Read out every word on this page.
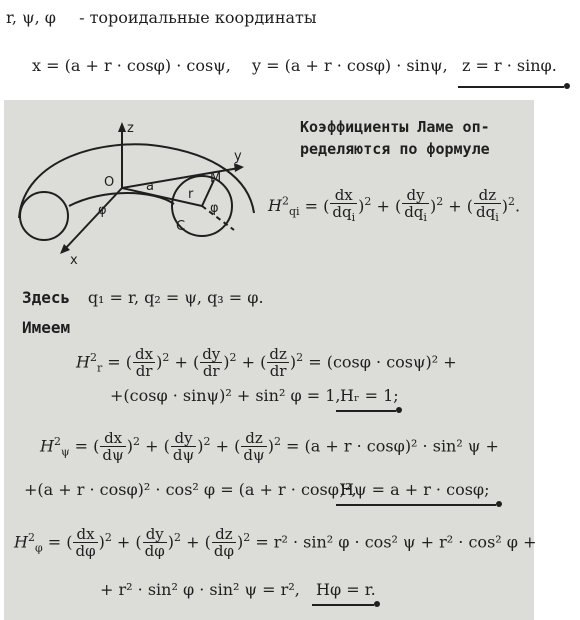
r, ψ, φ - тороидальные координаты
x = (a + r · cosφ) · cosψ, y = (a + r · cosφ) · sinψ, z = r · sinφ.
z
y
x
O a
M
r
C
φ	φ
Коэффициенты Ламе оп-
ределяются по формуле
$H^2_{qi}$ = ( $\frac{dx}{dq_i} )^2$ + ( $\frac{dy}{dq_i} )^2$ + ( $\frac{dz}{dq_i} )^2$.
Здесь q₁ = r, q₂ = ψ, q₃ = φ.
Имеем
$H^2_r$ = ( $\frac{dx}{dr} )^2$ + ( $\frac{dy}{dr} )^2$ + ( $\frac{dz}{dr} )^2 = (\cos\varphi \cdot \cos\psi)^2$ +
+(cosφ · sinψ)² + sin² φ = 1, Hᵣ = 1;
$H^2_\psi$ = ( $\frac{dx}{d\psi} )^2$ + ( $\frac{dy}{d\psi} )^2$ + ( $\frac{dz}{d\psi} )^2 = (a + r \cdot \cos\varphi)^2 \cdot \sin^2$ ψ +
+(a + r · cosφ)² · cos² φ = (a + r · cosφ)²,
Hψ = a + r · cosφ;
$H^2_\varphi$ = ( $\frac{dx}{d\varphi} )^2$ + ( $\frac{dy}{d\varphi} )^2$ + ( $\frac{dz}{d\varphi} )^2 = r^2 \cdot \sin^2$ φ · cos² ψ + r² · cos² φ +
+ r² · sin² φ · sin² ψ = r², Hφ = r.
